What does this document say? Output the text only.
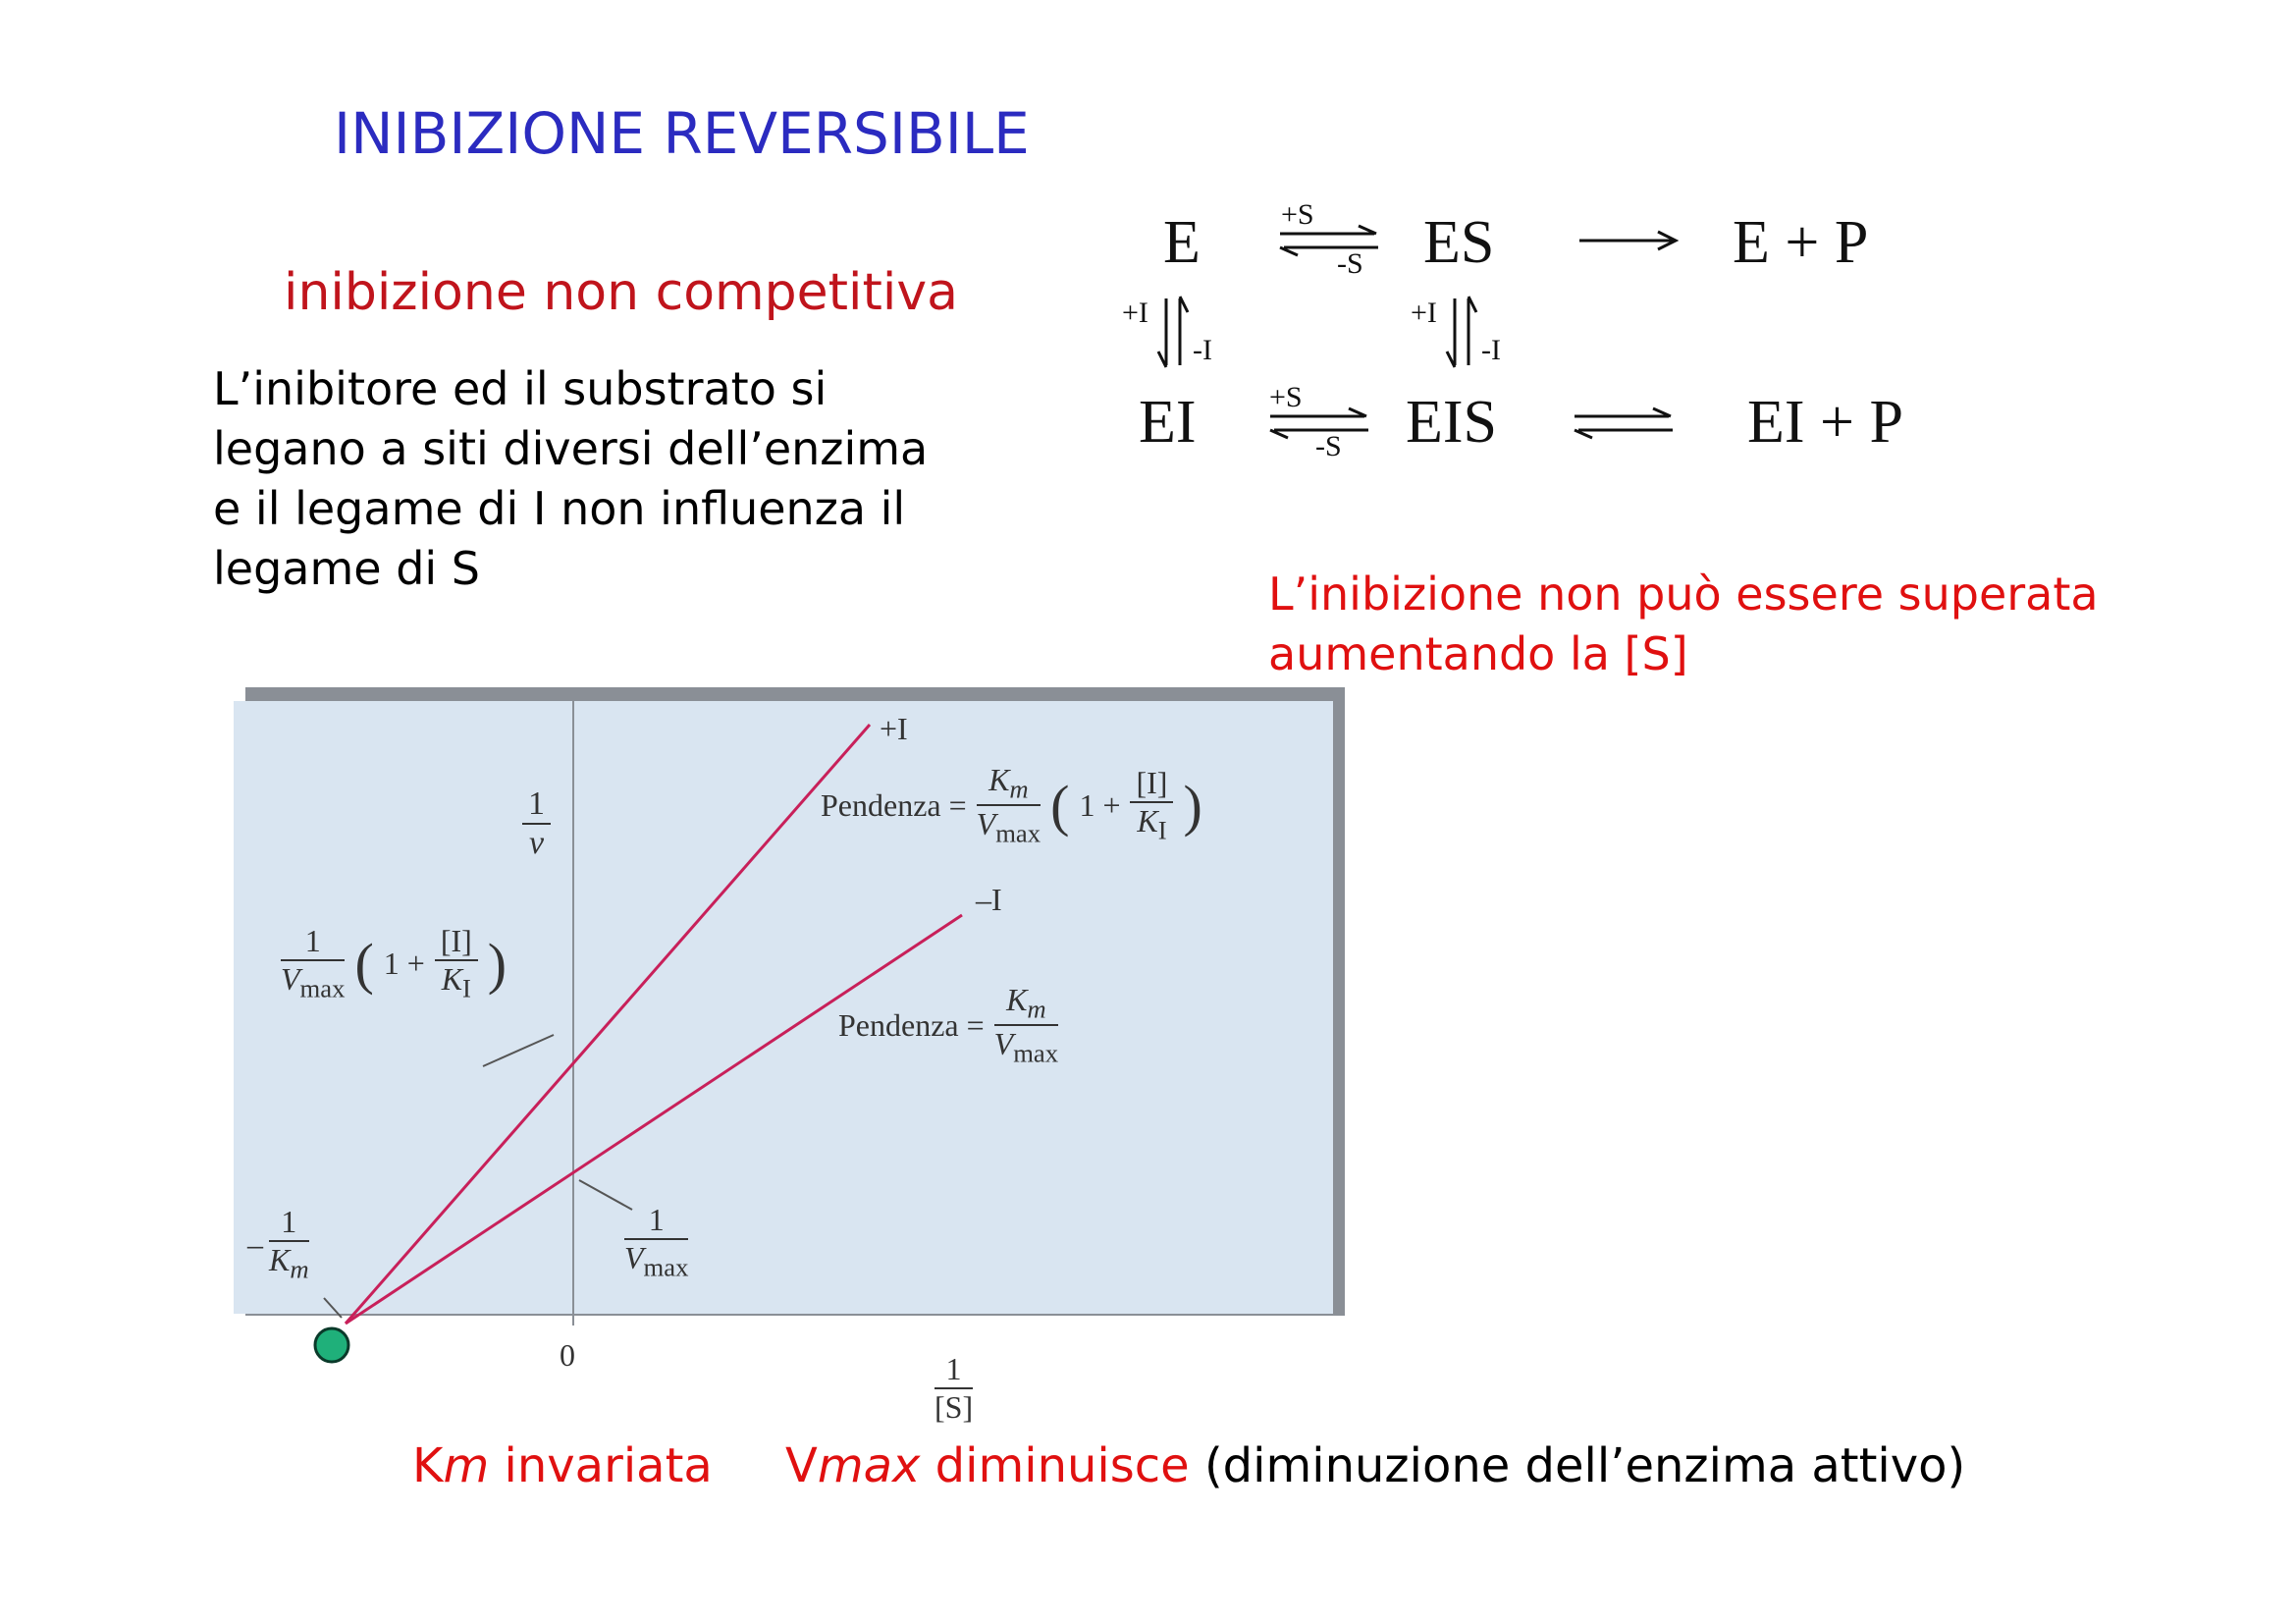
INIBIZIONE REVERSIBILE
inibizione non competitiva
L’inibitore ed il substrato si legano a siti diversi dell’enzima e il legame di I non influenza il legame di S
E	+S
-S ES	E + P
+I
-I
+I
-I
EI +S
-S EIS	EI + P
L’inibizione non può essere superata aumentando la [S]
1
v
1
[S]
0
+I
–I
Pendenza = $\frac{K_m}{V_{max}}$ ( $1 + \frac{[I]}{K_I}$ )
Pendenza = $\frac{K_m}{V_{max}}$
$\frac{1}{V_{max}}$ ( $1 + \frac{[I]}{K_I}$ )
1
$V_{max}$
– $\frac{1}{K_m}$
Km invariata Vmax diminuisce (diminuzione dell’enzima attivo)
